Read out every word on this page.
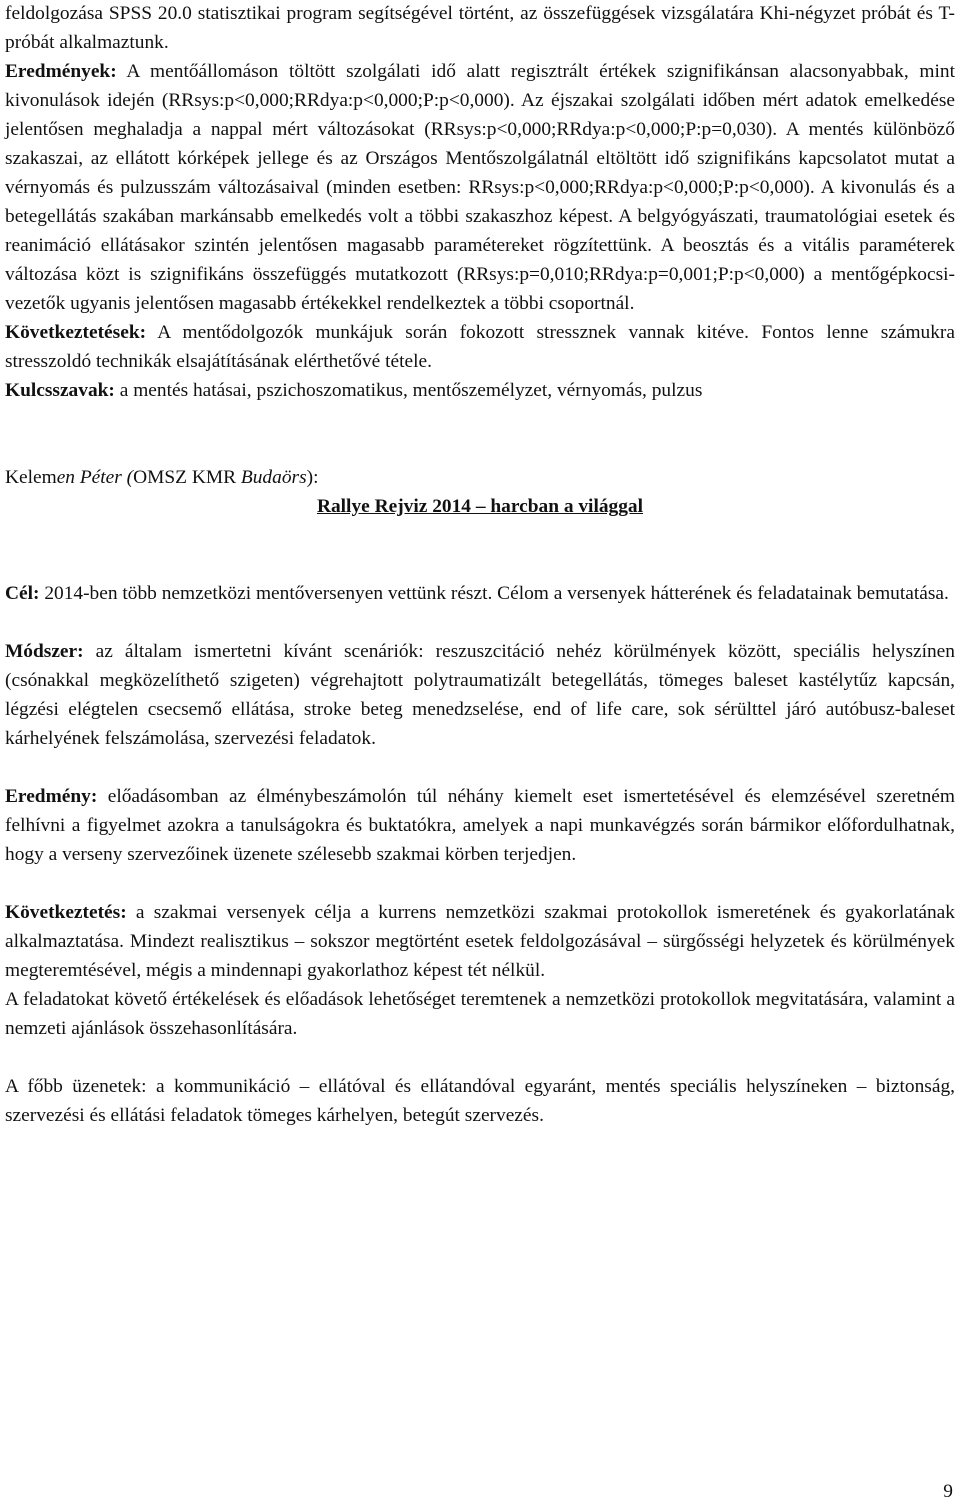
feldolgozása SPSS 20.0 statisztikai program segítségével történt, az összefüggések vizsgálatára Khi-négyzet próbát és T-próbát alkalmaztunk.

Eredmények: A mentőállomáson töltött szolgálati idő alatt regisztrált értékek szignifikánsan alacsonyabbak, mint kivonulások idején (RRsys:p<0,000;RRdya:p<0,000;P:p<0,000). Az éjszakai szolgálati időben mért adatok emelkedése jelentősen meghaladja a nappal mért változásokat (RRsys:p<0,000;RRdya:p<0,000;P:p=0,030). A mentés különböző szakaszai, az ellátott kórképek jellege és az Országos Mentőszolgálatnál eltöltött idő szignifikáns kapcsolatot mutat a vérnyomás és pulzusszám változásaival (minden esetben: RRsys:p<0,000;RRdya:p<0,000;P:p<0,000). A kivonulás és a betegellátás szakában markánsabb emelkedés volt a többi szakaszhoz képest. A belgyógyászati, traumatológiai esetek és reanimáció ellátásakor szintén jelentősen magasabb paramétereket rögzítettünk. A beosztás és a vitális paraméterek változása közt is szignifikáns összefüggés mutatkozott (RRsys:p=0,010;RRdya:p=0,001;P:p<0,000) a mentőgépkocsi-vezetők ugyanis jelentősen magasabb értékekkel rendelkeztek a többi csoportnál.

Következtetések: A mentődolgozók munkájuk során fokozott stressznek vannak kitéve. Fontos lenne számukra stresszoldó technikák elsajátításának elérthetővé tétele.

Kulcsszavak: a mentés hatásai, pszichoszomatikus, mentőszemélyzet, vérnyomás, pulzus

Kelemen Péter (OMSZ KMR Budaörs):

Rallye Rejviz 2014 – harcban a világgal

Cél: 2014-ben több nemzetközi mentőversenyen vettünk részt. Célom a versenyek hátterének és feladatainak bemutatása.

Módszer: az általam ismertetni kívánt scenáriók: reszuszcitáció nehéz körülmények között, speciális helyszínen (csónakkal megközelíthető szigeten) végrehajtott polytraumatizált betegellátás, tömeges baleset kastélytűz kapcsán, légzési elégtelen csecsemő ellátása, stroke beteg menedzselése, end of life care, sok sérülttel járó autóbusz-baleset kárhelyének felszámolása, szervezési feladatok.

Eredmény: előadásomban az élménybeszámolón túl néhány kiemelt eset ismertetésével és elemzésével szeretném felhívni a figyelmet azokra a tanulságokra és buktatókra, amelyek a napi munkavégzés során bármikor előfordulhatnak, hogy a verseny szervezőinek üzenete szélesebb szakmai körben terjedjen.

Következtetés: a szakmai versenyek célja a kurrens nemzetközi szakmai protokollok ismeretének és gyakorlatának alkalmaztatása. Mindezt realisztikus – sokszor megtörtént esetek feldolgozásával – sürgősségi helyzetek és körülmények megteremtésével, mégis a mindennapi gyakorlathoz képest tét nélkül.

A feladatokat követő értékelések és előadások lehetőséget teremtenek a nemzetközi protokollok megvitatására, valamint a nemzeti ajánlások összehasonlítására.

A főbb üzenetek: a kommunikáció – ellátóval és ellátandóval egyaránt, mentés speciális helyszíneken – biztonság, szervezési és ellátási feladatok tömeges kárhelyen, betegút szervezés.

9
